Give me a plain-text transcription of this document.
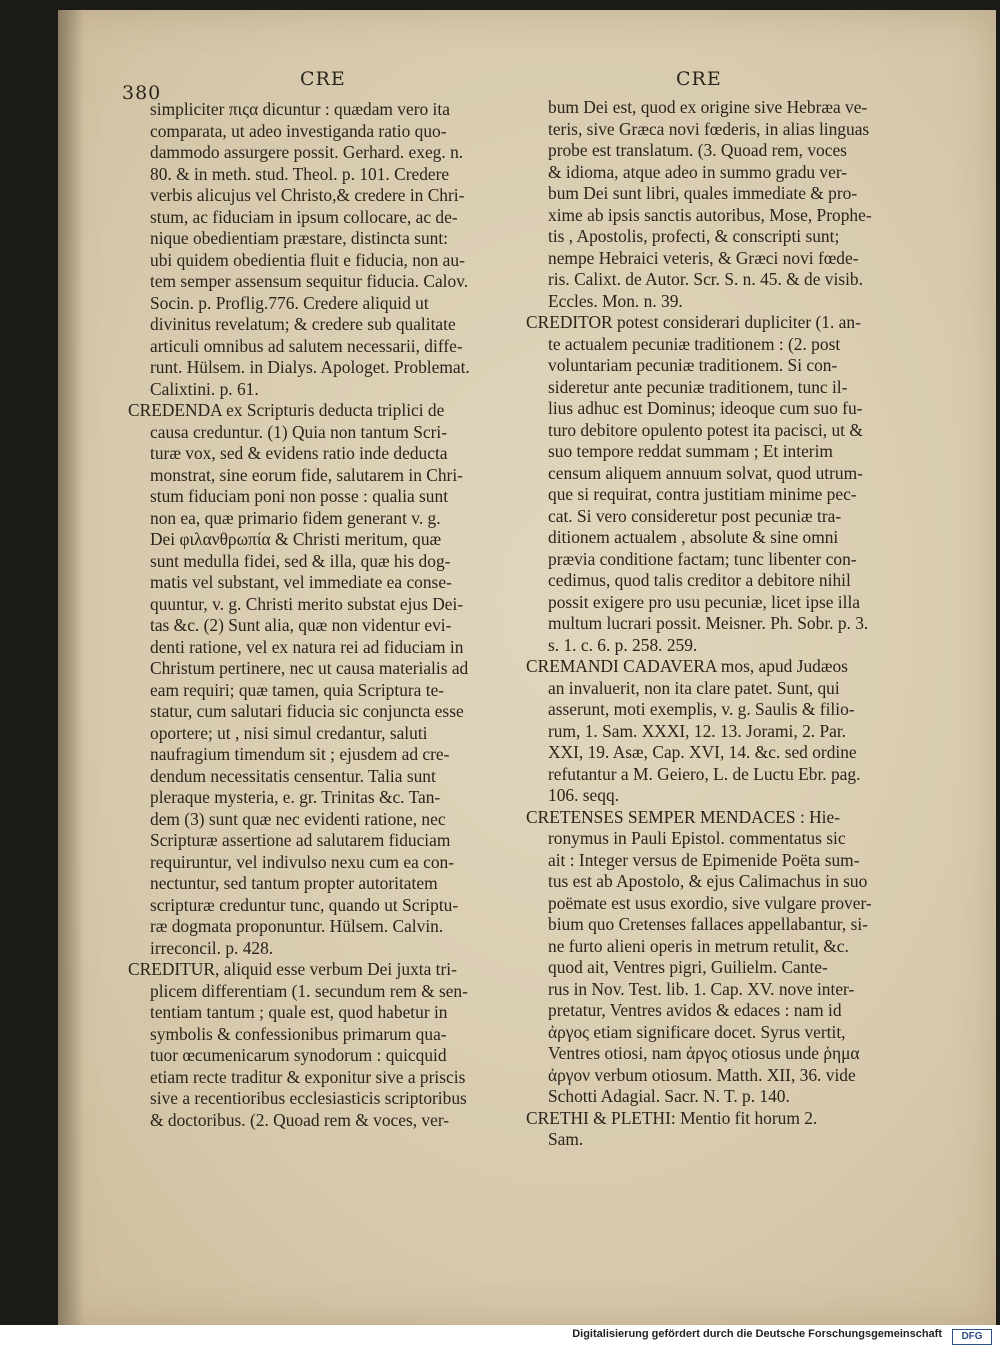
380
CRE	CRE
simpliciter πιςα dicuntur : quædam vero ita
comparata, ut adeo investiganda ratio quo-
dammodo assurgere possit. Gerhard. exeg. n.
80. & in meth. stud. Theol. p. 101. Credere
verbis alicujus vel Christo,& credere in Chri-
stum, ac fiduciam in ipsum collocare, ac de-
nique obedientiam præstare, distincta sunt:
ubi quidem obedientia fluit e fiducia, non au-
tem semper assensum sequitur fiducia. Calov.
Socin. p. Proflig.776. Credere aliquid ut
divinitus revelatum; & credere sub qualitate
articuli omnibus ad salutem necessarii, diffe-
runt. Hülsem. in Dialys. Apologet. Problemat.
Calixtini. p. 61.
CREDENDA ex Scripturis deducta triplici de
causa creduntur. (1) Quia non tantum Scri-
turæ vox, sed & evidens ratio inde deducta
monstrat, sine eorum fide, salutarem in Chri-
stum fiduciam poni non posse : qualia sunt
non ea, quæ primario fidem generant v. g.
Dei φιλανθρωπία & Christi meritum, quæ
sunt medulla fidei, sed & illa, quæ his dog-
matis vel substant, vel immediate ea conse-
quuntur, v. g. Christi merito substat ejus Dei-
tas &c. (2) Sunt alia, quæ non videntur evi-
denti ratione, vel ex natura rei ad fiduciam in
Christum pertinere, nec ut causa materialis ad
eam requiri; quæ tamen, quia Scriptura te-
statur, cum salutari fiducia sic conjuncta esse
oportere; ut , nisi simul credantur, saluti
naufragium timendum sit ; ejusdem ad cre-
dendum necessitatis censentur. Talia sunt
pleraque mysteria, e. gr. Trinitas &c. Tan-
dem (3) sunt quæ nec evidenti ratione, nec
Scripturæ assertione ad salutarem fiduciam
requiruntur, vel indivulso nexu cum ea con-
nectuntur, sed tantum propter autoritatem
scripturæ creduntur tunc, quando ut Scriptu-
ræ dogmata proponuntur. Hülsem. Calvin.
irreconcil. p. 428.
CREDITUR, aliquid esse verbum Dei juxta tri-
plicem differentiam (1. secundum rem & sen-
tentiam tantum ; quale est, quod habetur in
symbolis & confessionibus primarum qua-
tuor œcumenicarum synodorum : quicquid
etiam recte traditur & exponitur sive a priscis
sive a recentioribus ecclesiasticis scriptoribus
& doctoribus. (2. Quoad rem & voces, ver-
bum Dei est, quod ex origine sive Hebræa ve-
teris, sive Græca novi fœderis, in alias linguas
probe est translatum. (3. Quoad rem, voces
& idioma, atque adeo in summo gradu ver-
bum Dei sunt libri, quales immediate & pro-
xime ab ipsis sanctis autoribus, Mose, Prophe-
tis , Apostolis, profecti, & conscripti sunt;
nempe Hebraici veteris, & Græci novi fœde-
ris. Calixt. de Autor. Scr. S. n. 45. & de visib.
Eccles. Mon. n. 39.
CREDITOR potest considerari dupliciter (1. an-
te actualem pecuniæ traditionem : (2. post
voluntariam pecuniæ traditionem. Si con-
sideretur ante pecuniæ traditionem, tunc il-
lius adhuc est Dominus; ideoque cum suo fu-
turo debitore opulento potest ita pacisci, ut &
suo tempore reddat summam ; Et interim
censum aliquem annuum solvat, quod utrum-
que si requirat, contra justitiam minime pec-
cat. Si vero consideretur post pecuniæ tra-
ditionem actualem , absolute & sine omni
prævia conditione factam; tunc libenter con-
cedimus, quod talis creditor a debitore nihil
possit exigere pro usu pecuniæ, licet ipse illa
multum lucrari possit. Meisner. Ph. Sobr. p. 3.
s. 1. c. 6. p. 258. 259.
CREMANDI CADAVERA mos, apud Judæos
an invaluerit, non ita clare patet. Sunt, qui
asserunt, moti exemplis, v. g. Saulis & filio-
rum, 1. Sam. XXXI, 12. 13. Jorami, 2. Par.
XXI, 19. Asæ, Cap. XVI, 14. &c. sed ordine
refutantur a M. Geiero, L. de Luctu Ebr. pag.
106. seqq.
CRETENSES SEMPER MENDACES : Hie-
ronymus in Pauli Epistol. commentatus sic
ait : Integer versus de Epimenide Poëta sum-
tus est ab Apostolo, & ejus Calimachus in suo
poëmate est usus exordio, sive vulgare prover-
bium quo Cretenses fallaces appellabantur, si-
ne furto alieni operis in metrum retulit, &c.
quod ait, Ventres pigri, Guilielm. Cante-
rus in Nov. Test. lib. 1. Cap. XV. nove inter-
pretatur, Ventres avidos & edaces : nam id
ἀργος etiam significare docet. Syrus vertit,
Ventres otiosi, nam ἀργος otiosus unde ῥημα
ἀργον verbum otiosum. Matth. XII, 36. vide
Schotti Adagial. Sacr. N. T. p. 140.
CRETHI & PLETHI: Mentio fit horum 2.
Sam.
Digitalisierung gefördert durch die Deutsche Forschungsgemeinschaft	DFG
